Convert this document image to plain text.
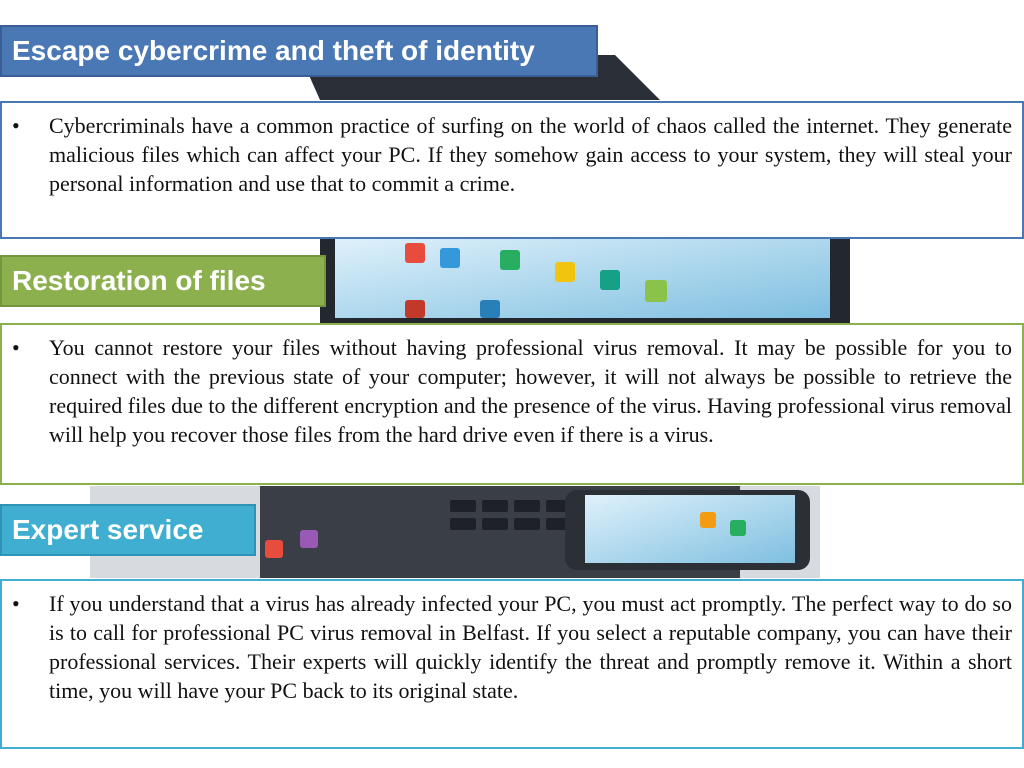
Escape cybercrime and theft of identity
•	Cybercriminals have a common practice of surfing on the world of chaos called the internet. They generate malicious files which can affect your PC. If they somehow gain access to your system, they will steal your personal information and use that to commit a crime.
Restoration of files
•	You cannot restore your files without having professional virus removal. It may be possible for you to connect with the previous state of your computer; however, it will not always be possible to retrieve the required files due to the different encryption and the presence of the virus. Having professional virus removal will help you recover those files from the hard drive even if there is a virus.
Expert service
•	If you understand that a virus has already infected your PC, you must act promptly. The perfect way to do so is to call for professional PC virus removal in Belfast. If you select a reputable company, you can have their professional services. Their experts will quickly identify the threat and promptly remove it. Within a short time, you will have your PC back to its original state.
